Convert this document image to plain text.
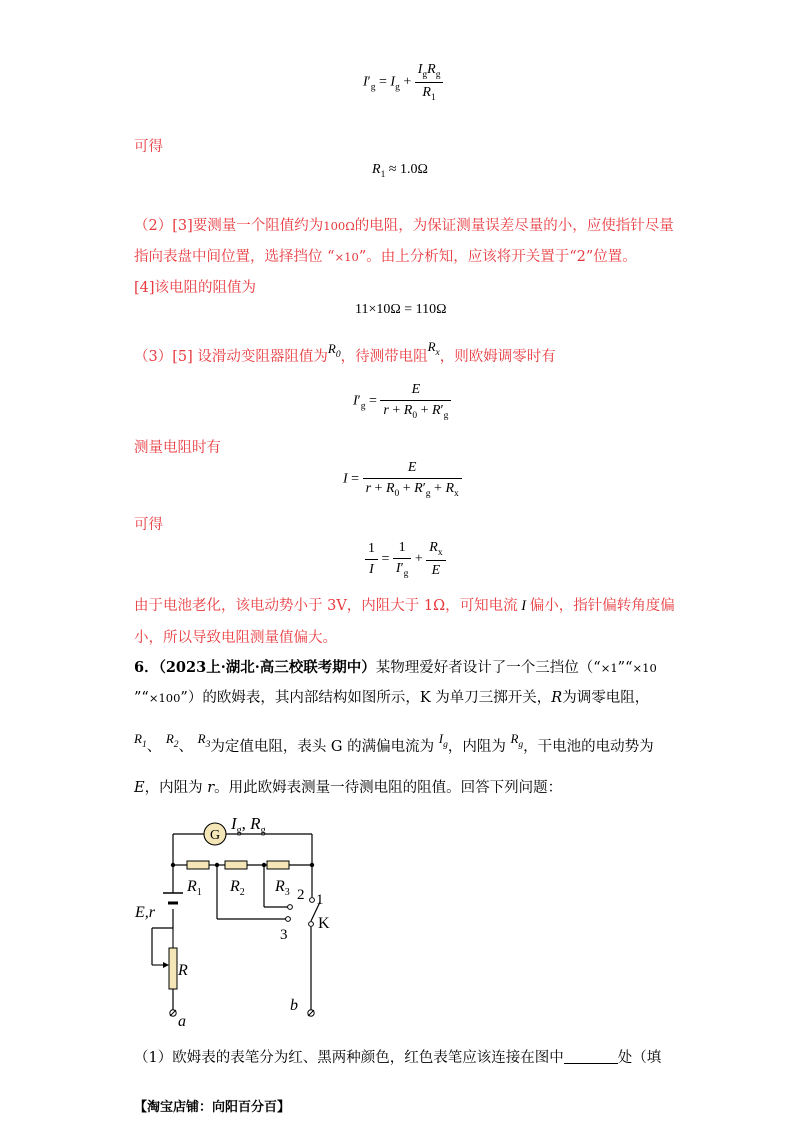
$I'_g = I_g + \frac{I_gR_g}{R_1}$
可得
$R_1 \approx 1.0\Omega$
（2）[3]要测量一个阻值约为100Ω的电阻，为保证测量误差尽量的小，应使指针尽量
指向表盘中间位置，选择挡位 “×10”。由上分析知，应该将开关置于“2”位置。
[4]该电阻的阻值为
11×10Ω = 110Ω
（3）[5] 设滑动变阻器阻值为$R_0$，待测带电阻$R_x$，则欧姆调零时有
$I'_g = \frac{E}{r + R_0 + R'_g}$
测量电阻时有
$I = \frac{E}{r + R_0 + R'_g + R_x}$
可得
$\frac{1}{I} = \frac{1}{I'_g} + \frac{R_x}{E}$
由于电池老化，该电动势小于 3V，内阻大于 1Ω，可知电流 I 偏小，指针偏转角度偏
小，所以导致电阻测量值偏大。
6．（2023上·湖北·高三校联考期中）某物理爱好者设计了一个三挡位（“×1”“×10
”“×100”）的欧姆表，其内部结构如图所示，K 为单刀三掷开关，R为调零电阻，
$R_1$、 $R_2$、 $R_3$为定值电阻，表头 G 的满偏电流为 $I_g$，内阻为 $R_g$，干电池的电动势为
E，内阻为 r。用此欧姆表测量一待测电阻的阻值。回答下列问题：
G
$I_g$, $R_g$
$R_1$ $R_2$ $R_3$
E,r
R
1
2
3
K
a
b
（1）欧姆表的表笔分为红、黑两种颜色，红色表笔应该连接在图中	处（填
【淘宝店铺：向阳百分百】
